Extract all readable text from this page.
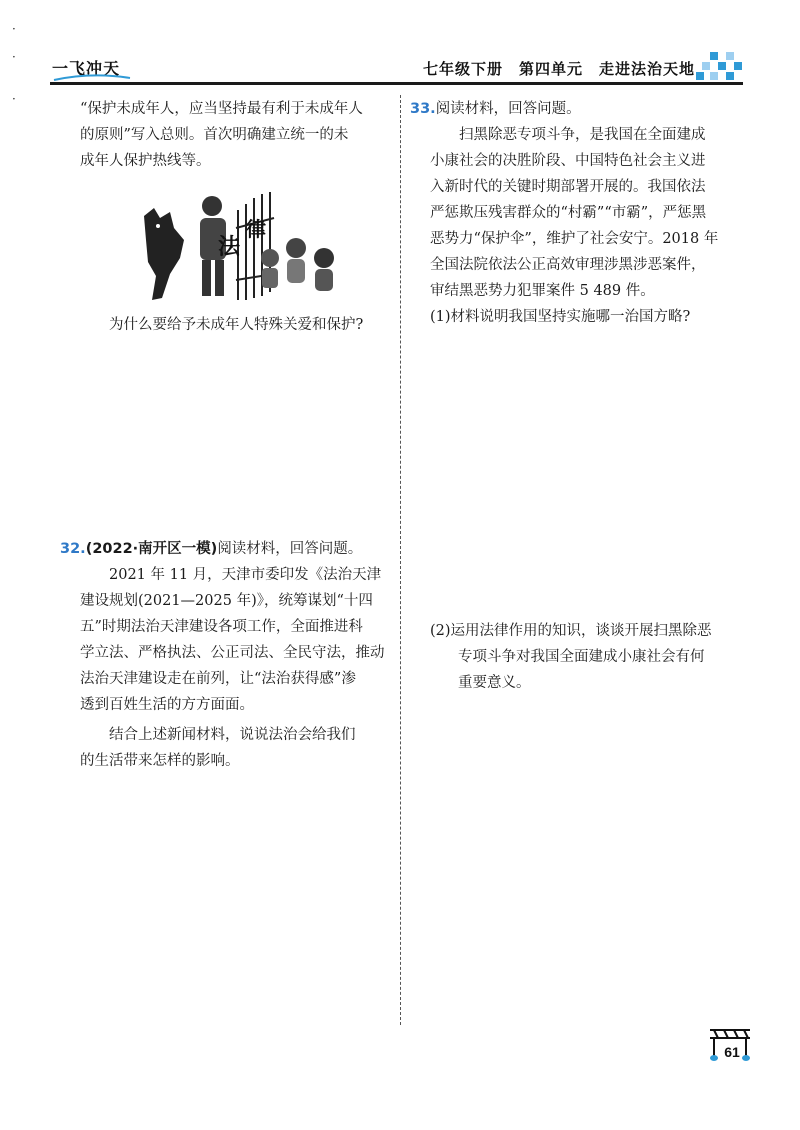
一飞冲天	七年级下册　第四单元　走进法治天地
·

·

·

“保护未成年人，应当坚持最有利于未成年人

的原则”写入总则。首次明确建立统一的未

成年人保护热线等。

法
律

为什么要给予未成年人特殊关爱和保护?

32.(2022·南开区一模)阅读材料，回答问题。

2021 年 11 月，天津市委印发《法治天津

建设规划(2021—2025 年)》，统筹谋划“十四

五”时期法治天津建设各项工作，全面推进科

学立法、严格执法、公正司法、全民守法，推动

法治天津建设走在前列，让“法治获得感”渗

透到百姓生活的方方面面。

结合上述新闻材料，说说法治会给我们

的生活带来怎样的影响。

33.阅读材料，回答问题。

扫黑除恶专项斗争，是我国在全面建成

小康社会的决胜阶段、中国特色社会主义进

入新时代的关键时期部署开展的。我国依法

严惩欺压残害群众的“村霸”“市霸”，严惩黑

恶势力“保护伞”，维护了社会安宁。2018 年

全国法院依法公正高效审理涉黑涉恶案件，

审结黑恶势力犯罪案件 5 489 件。

(1)材料说明我国坚持实施哪一治国方略?

(2)运用法律作用的知识，谈谈开展扫黑除恶

专项斗争对我国全面建成小康社会有何

重要意义。

61
